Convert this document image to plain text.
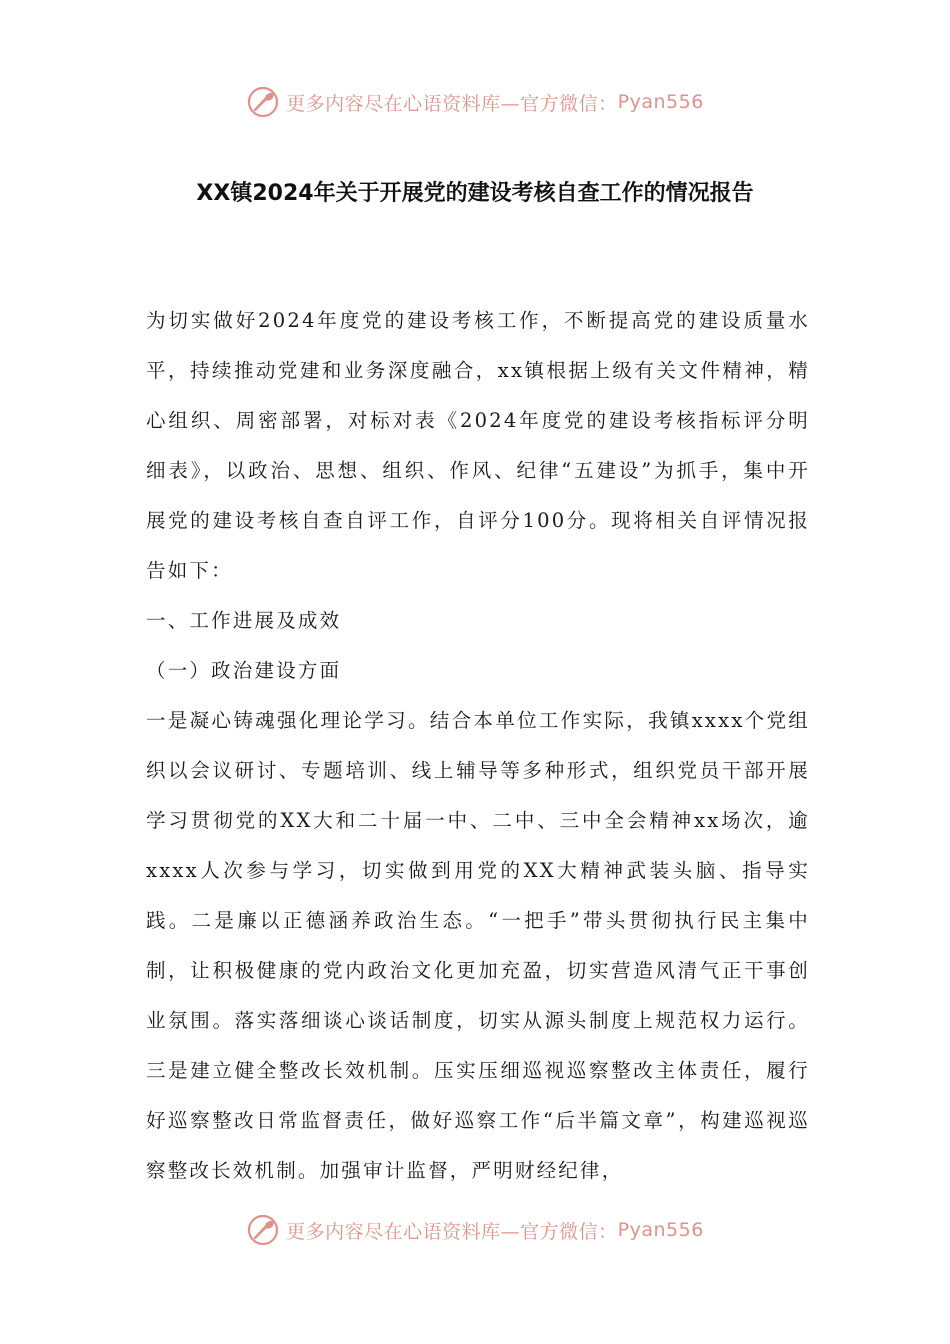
更多内容尽在心语资料库—官方微信： Pyan556
XX镇2024年关于开展党的建设考核自查工作的情况报告

为切实做好2024年度党的建设考核工作，不断提高党的建设质量水平，持续推动党建和业务深度融合，xx镇根据上级有关文件精神，精心组织、周密部署，对标对表《2024年度党的建设考核指标评分明细表》，以政治、思想、组织、作风、纪律“五建设”为抓手，集中开展党的建设考核自查自评工作，自评分100分。现将相关自评情况报告如下：

一、工作进展及成效

（一）政治建设方面

一是凝心铸魂强化理论学习。结合本单位工作实际，我镇xxxx个党组织以会议研讨、专题培训、线上辅导等多种形式，组织党员干部开展学习贯彻党的XX大和二十届一中、二中、三中全会精神xx场次，逾xxxx人次参与学习，切实做到用党的XX大精神武装头脑、指导实践。二是廉以正德涵养政治生态。“一把手”带头贯彻执行民主集中制，让积极健康的党内政治文化更加充盈，切实营造风清气正干事创业氛围。落实落细谈心谈话制度，切实从源头制度上规范权力运行。三是建立健全整改长效机制。压实压细巡视巡察整改主体责任，履行好巡察整改日常监督责任，做好巡察工作“后半篇文章”，构建巡视巡察整改长效机制。加强审计监督，严明财经纪律，

更多内容尽在心语资料库—官方微信： Pyan556
